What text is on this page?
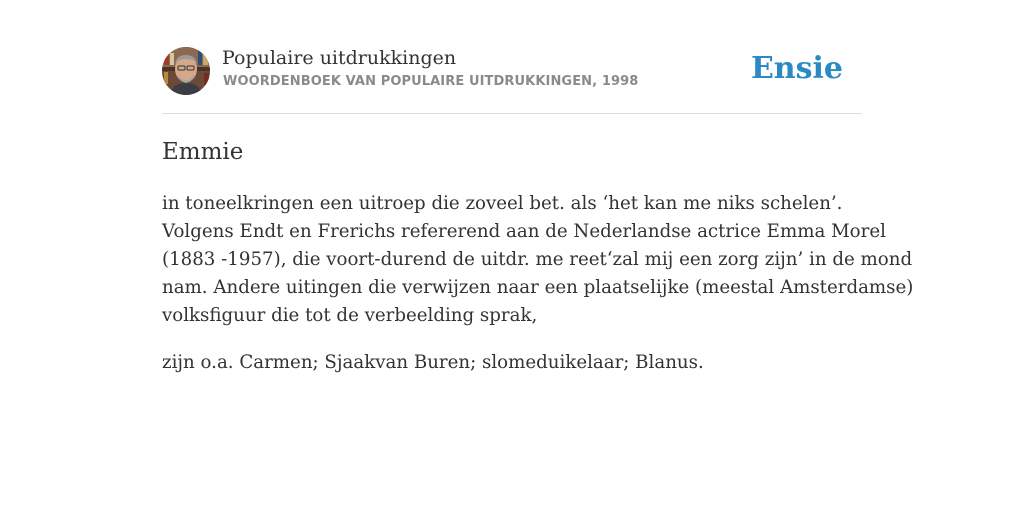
Populaire uitdrukkingen
WOORDENBOEK VAN POPULAIRE UITDRUKKINGEN, 1998	Ensie
Emmie

in toneelkringen een uitroep die zoveel bet. als ‘het kan me niks schelen’.

Volgens Endt en Frerichs refererend aan de Nederlandse actrice Emma Morel

(1883 -1957), die voort-durend de uitdr. me reet‘zal mij een zorg zijn’ in de mond

nam. Andere uitingen die verwijzen naar een plaatselijke (meestal Amsterdamse)

volksfiguur die tot de verbeelding sprak,

zijn o.a. Carmen; Sjaakvan Buren; slomeduikelaar; Blanus.
